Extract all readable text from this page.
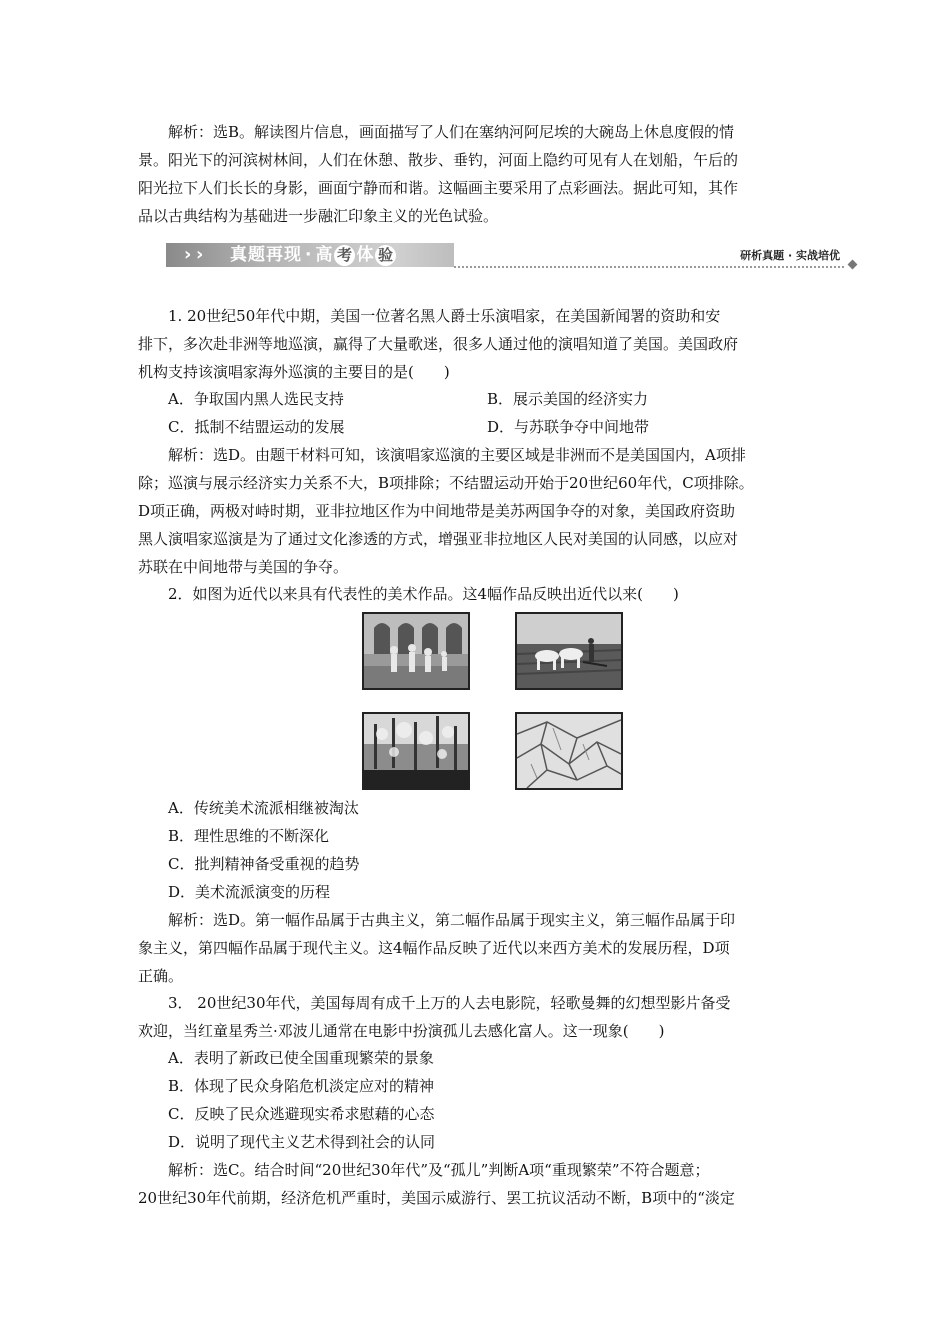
解析：选B。解读图片信息，画面描写了人们在塞纳河阿尼埃的大碗岛上休息度假的情

景。阳光下的河滨树林间，人们在休憩、散步、垂钓，河面上隐约可见有人在划船，午后的

阳光拉下人们长长的身影，画面宁静而和谐。这幅画主要采用了点彩画法。据此可知，其作

品以古典结构为基础进一步融汇印象主义的光色试验。

› ›	真题再现 · 高 考 体 验	研析真题 · 实战培优

1. 20世纪50年代中期，美国一位著名黑人爵士乐演唱家，在美国新闻署的资助和安

排下，多次赴非洲等地巡演，赢得了大量歌迷，很多人通过他的演唱知道了美国。美国政府

机构支持该演唱家海外巡演的主要目的是(　　)

A．争取国内黑人选民支持	B．展示美国的经济实力

C．抵制不结盟运动的发展	D．与苏联争夺中间地带

解析：选D。由题干材料可知，该演唱家巡演的主要区域是非洲而不是美国国内，A项排

除；巡演与展示经济实力关系不大，B项排除；不结盟运动开始于20世纪60年代，C项排除。

D项正确，两极对峙时期，亚非拉地区作为中间地带是美苏两国争夺的对象，美国政府资助

黑人演唱家巡演是为了通过文化渗透的方式，增强亚非拉地区人民对美国的认同感，以应对

苏联在中间地带与美国的争夺。

2．如图为近代以来具有代表性的美术作品。这4幅作品反映出近代以来(　　)

A．传统美术流派相继被淘汰

B．理性思维的不断深化

C．批判精神备受重视的趋势

D．美术流派演变的历程

解析：选D。第一幅作品属于古典主义，第二幅作品属于现实主义，第三幅作品属于印

象主义，第四幅作品属于现代主义。这4幅作品反映了近代以来西方美术的发展历程，D项

正确。

3． 20世纪30年代，美国每周有成千上万的人去电影院，轻歌曼舞的幻想型影片备受

欢迎，当红童星秀兰·邓波儿通常在电影中扮演孤儿去感化富人。这一现象(　　)

A．表明了新政已使全国重现繁荣的景象

B．体现了民众身陷危机淡定应对的精神

C．反映了民众逃避现实希求慰藉的心态

D．说明了现代主义艺术得到社会的认同

解析：选C。结合时间“20世纪30年代”及“孤儿”判断A项“重现繁荣”不符合题意；

20世纪30年代前期，经济危机严重时，美国示威游行、罢工抗议活动不断，B项中的“淡定
